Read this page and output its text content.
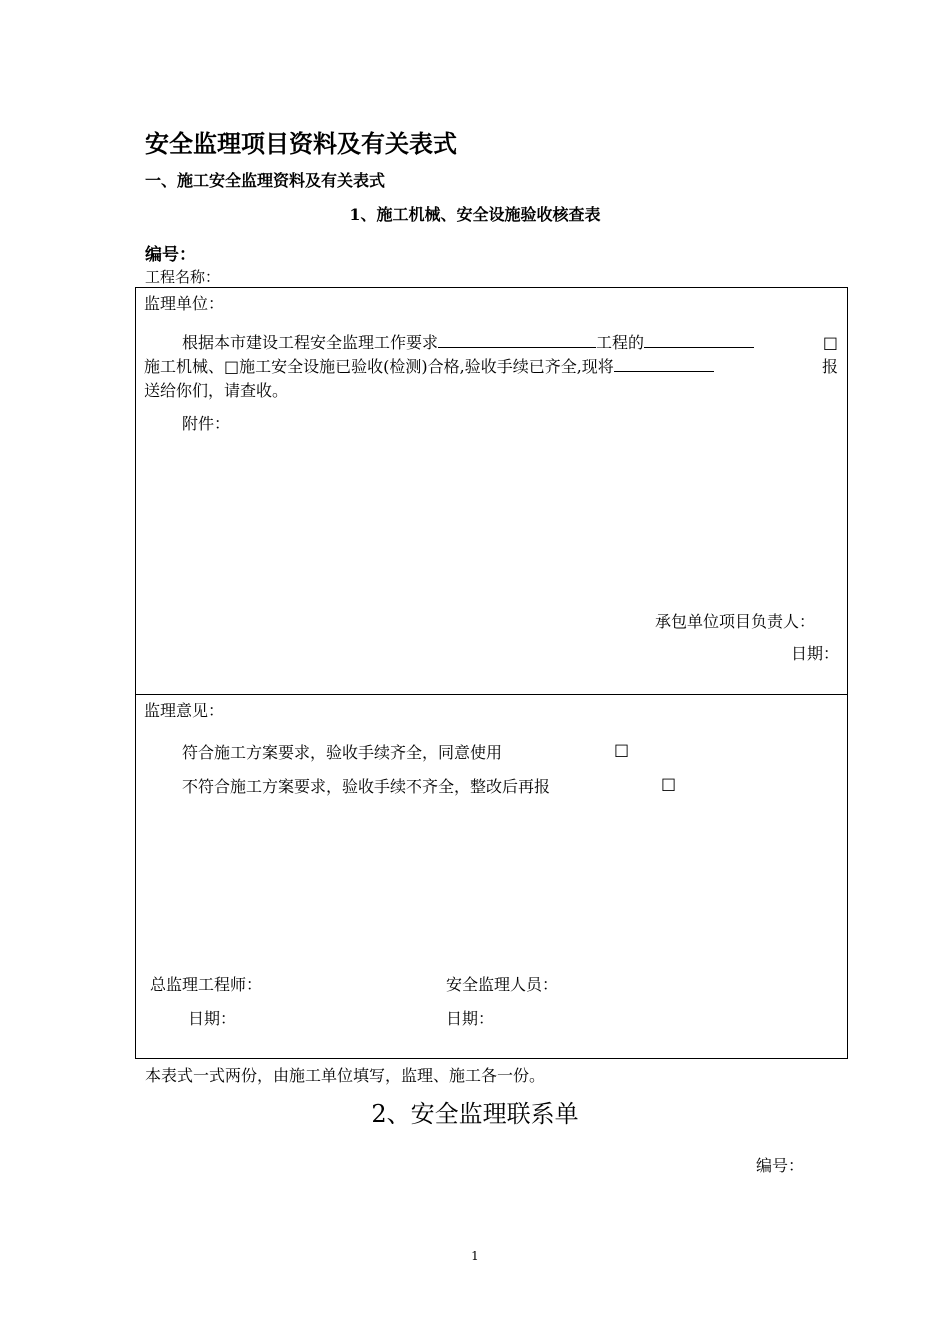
安全监理项目资料及有关表式
一、施工安全监理资料及有关表式
1、施工机械、安全设施验收核查表
编号：
工程名称：
监理单位：
根据本市建设工程安全监理工作要求	工程的	□
施工机械、□施工安全设施已验收(检测)合格,验收手续已齐全,现将	报
送给你们，请查收。
附件：
承包单位项目负责人：
日期：
监理意见：
符合施工方案要求，验收手续齐全，同意使用	□
不符合施工方案要求，验收手续不齐全，整改后再报	□
总监理工程师：	安全监理人员：
日期：	日期：
本表式一式两份，由施工单位填写，监理、施工各一份。
2、安全监理联系单
编号：
1
